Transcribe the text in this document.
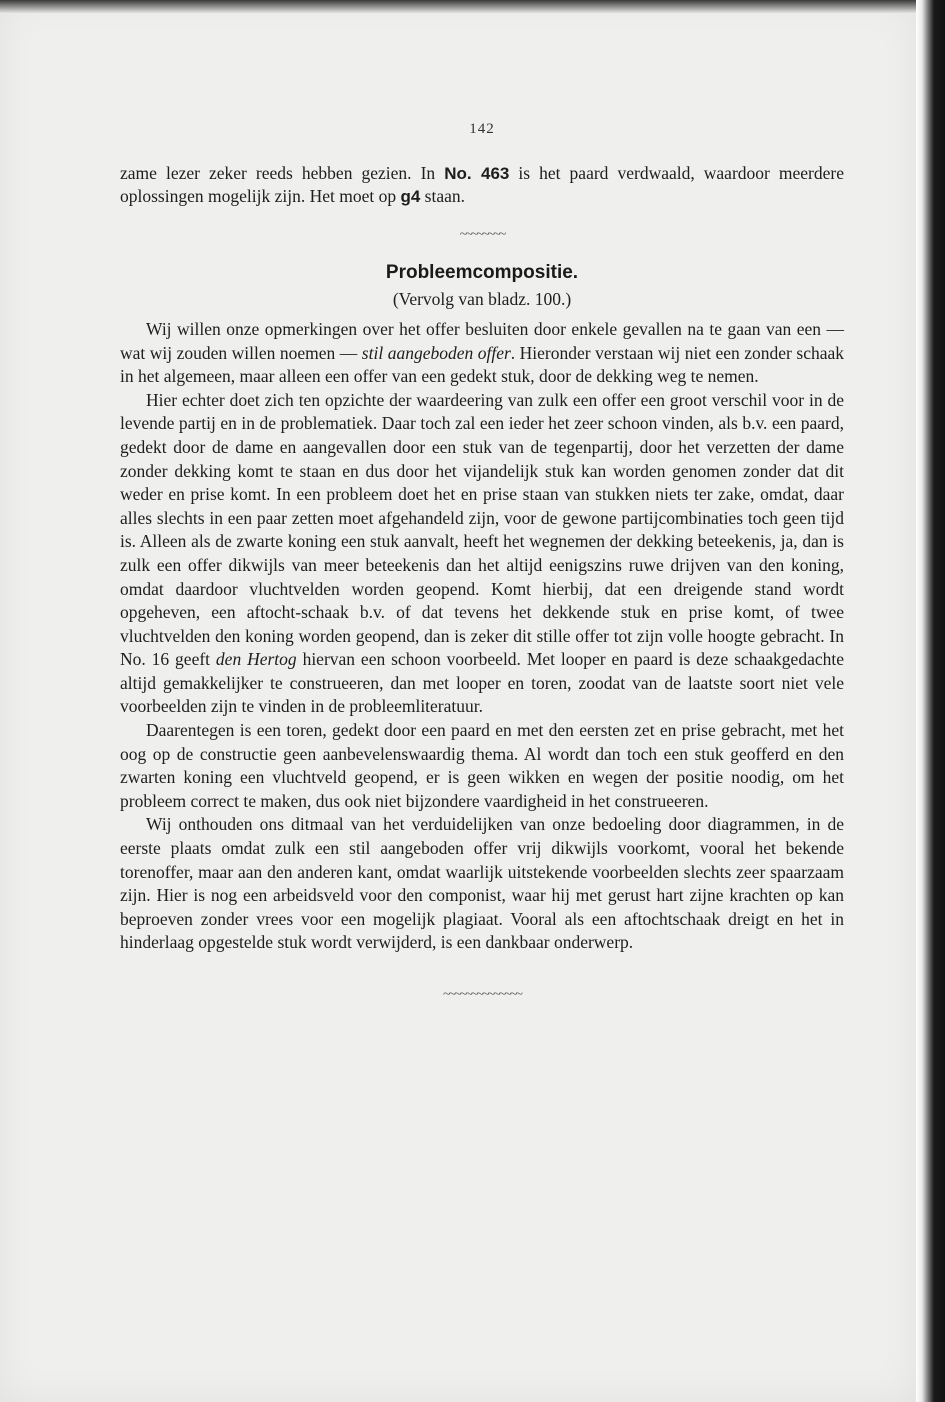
142

zame lezer zeker reeds hebben gezien. In No. 463 is het paard verdwaald, waardoor meerdere oplossingen mogelijk zijn. Het moet op g4 staan.

~~~~~~~~
Probleemcompositie.
(Vervolg van bladz. 100.)

Wij willen onze opmerkingen over het offer besluiten door enkele gevallen na te gaan van een — wat wij zouden willen noemen — stil aangeboden offer. Hieronder verstaan wij niet een zonder schaak in het algemeen, maar alleen een offer van een gedekt stuk, door de dekking weg te nemen.

Hier echter doet zich ten opzichte der waardeering van zulk een offer een groot verschil voor in de levende partij en in de problematiek. Daar toch zal een ieder het zeer schoon vinden, als b.v. een paard, gedekt door de dame en aangevallen door een stuk van de tegenpartij, door het verzetten der dame zonder dekking komt te staan en dus door het vijandelijk stuk kan worden genomen zonder dat dit weder en prise komt. In een probleem doet het en prise staan van stukken niets ter zake, omdat, daar alles slechts in een paar zetten moet afgehandeld zijn, voor de gewone partijcombinaties toch geen tijd is. Alleen als de zwarte koning een stuk aanvalt, heeft het wegnemen der dekking beteekenis, ja, dan is zulk een offer dikwijls van meer beteekenis dan het altijd eenigszins ruwe drijven van den koning, omdat daardoor vluchtvelden worden geopend. Komt hierbij, dat een dreigende stand wordt opgeheven, een aftocht-schaak b.v. of dat tevens het dekkende stuk en prise komt, of twee vluchtvelden den koning worden geopend, dan is zeker dit stille offer tot zijn volle hoogte gebracht. In No. 16 geeft den Hertog hiervan een schoon voorbeeld. Met looper en paard is deze schaakgedachte altijd gemakkelijker te construeeren, dan met looper en toren, zoodat van de laatste soort niet vele voorbeelden zijn te vinden in de probleemliteratuur.

Daarentegen is een toren, gedekt door een paard en met den eersten zet en prise gebracht, met het oog op de constructie geen aanbevelenswaardig thema. Al wordt dan toch een stuk geofferd en den zwarten koning een vluchtveld geopend, er is geen wikken en wegen der positie noodig, om het probleem correct te maken, dus ook niet bijzondere vaardigheid in het construeeren.

Wij onthouden ons ditmaal van het verduidelijken van onze bedoeling door diagrammen, in de eerste plaats omdat zulk een stil aangeboden offer vrij dikwijls voorkomt, vooral het bekende torenoffer, maar aan den anderen kant, omdat waarlijk uitstekende voorbeelden slechts zeer spaarzaam zijn. Hier is nog een arbeidsveld voor den componist, waar hij met gerust hart zijne krachten op kan beproeven zonder vrees voor een mogelijk plagiaat. Vooral als een aftochtschaak dreigt en het in hinderlaag opgestelde stuk wordt verwijderd, is een dankbaar onderwerp.

~~~~~~~~~~~~~~
